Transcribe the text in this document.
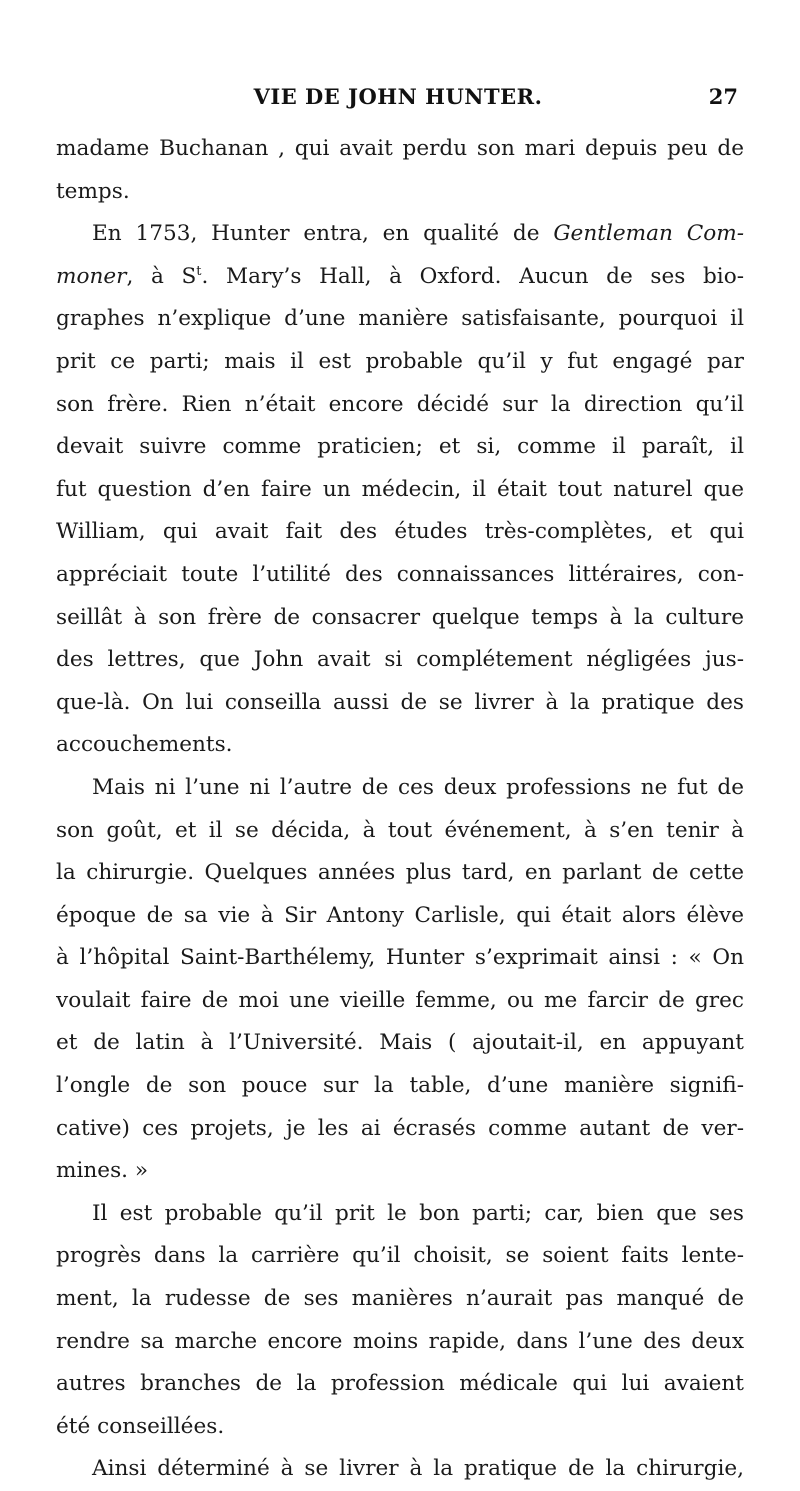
VIE DE JOHN HUNTER.	27
madame Buchanan , qui avait perdu son mari depuis peu de
temps.
En 1753, Hunter entra, en qualité de Gentleman Com-
moner, à $S^t$. Mary’s Hall, à Oxford. Aucun de ses bio-
graphes n’explique d’une manière satisfaisante, pourquoi il
prit ce parti; mais il est probable qu’il y fut engagé par
son frère. Rien n’était encore décidé sur la direction qu’il
devait suivre comme praticien; et si, comme il paraît, il
fut question d’en faire un médecin, il était tout naturel que
William, qui avait fait des études très-complètes, et qui
appréciait toute l’utilité des connaissances littéraires, con-
seillât à son frère de consacrer quelque temps à la culture
des lettres, que John avait si complétement négligées jus-
que-là. On lui conseilla aussi de se livrer à la pratique des
accouchements.
Mais ni l’une ni l’autre de ces deux professions ne fut de
son goût, et il se décida, à tout événement, à s’en tenir à
la chirurgie. Quelques années plus tard, en parlant de cette
époque de sa vie à Sir Antony Carlisle, qui était alors élève
à l’hôpital Saint-Barthélemy, Hunter s’exprimait ainsi : « On
voulait faire de moi une vieille femme, ou me farcir de grec
et de latin à l’Université. Mais ( ajoutait-il, en appuyant
l’ongle de son pouce sur la table, d’une manière signifi-
cative) ces projets, je les ai écrasés comme autant de ver-
mines. »
Il est probable qu’il prit le bon parti; car, bien que ses
progrès dans la carrière qu’il choisit, se soient faits lente-
ment, la rudesse de ses manières n’aurait pas manqué de
rendre sa marche encore moins rapide, dans l’une des deux
autres branches de la profession médicale qui lui avaient
été conseillées.
Ainsi déterminé à se livrer à la pratique de la chirurgie,
